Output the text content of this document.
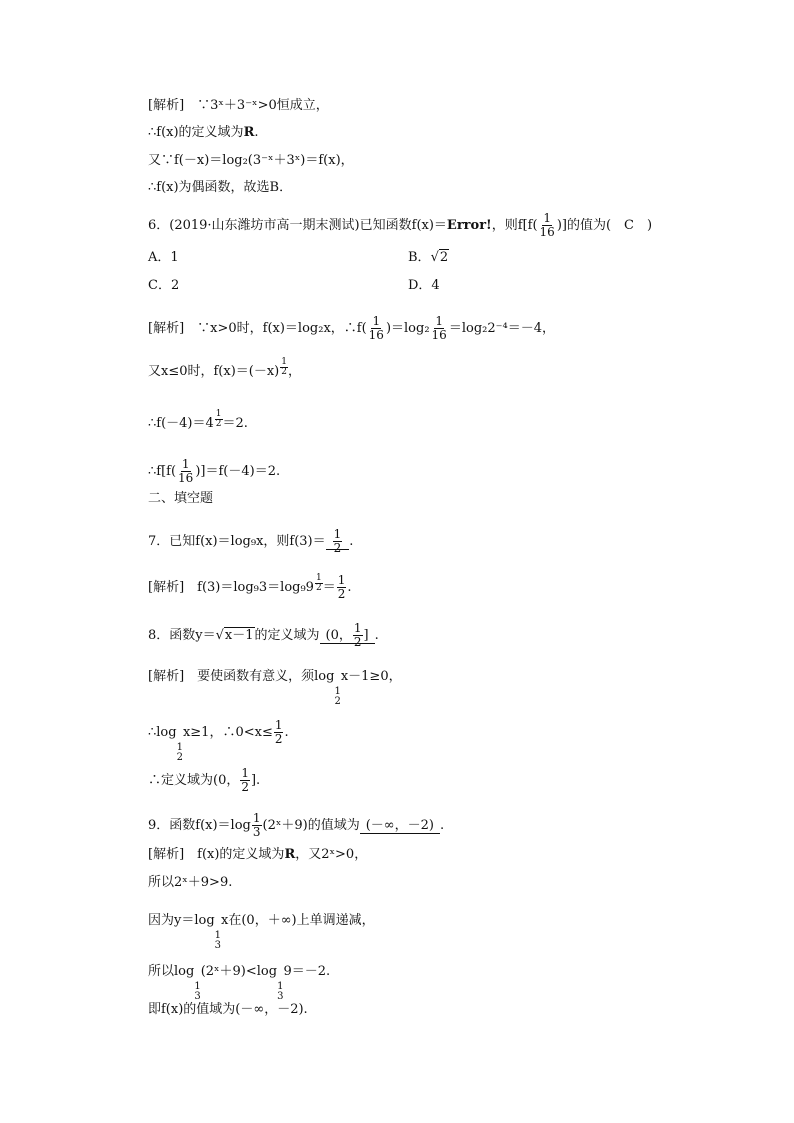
[解析]　∵3ˣ＋3⁻ˣ>0恒成立，
∴f(x)的定义域为R.
又∵f(－x)＝log₂(3⁻ˣ＋3ˣ)＝f(x)，
∴f(x)为偶函数，故选B．
6．(2019·山东潍坊市高一期末测试)已知函数f(x)＝Error!，则$f[f( \frac{1}{16}$ )]的值为(　C　)
A．1	B．√2
C．2	D．4
[解析]　∵x>0时，f(x)＝log₂x，∴f( $\frac{1}{16} )=\log_2 \frac{1}{16} =\log_22^{-4}=-4$，
又x≤0时，$f(x)=(-x) \frac{1}{2}$ ，
∴f(－4)＝4 $\frac{1}{2} =2$.
∴f[f( $\frac{1}{16} )]=f(-4)=2$.
二、填空题
7．已知f(x)＝log₉x，则$f(3)= \frac{1}{2}$ .
[解析]　$f(3)=\log_93=\log_99 \frac{1}{2} = \frac{1}{2}$ .
8．函数y＝√x－1的定义域为 (0， $\frac{1}{2}$ ] .
[解析]　要使函数有意义，须log
1
2
x－1≥0，
∴log
1
2
x≥1，∴0<x≤ $\frac{1}{2}$ .
∴定义域为(0， $\frac{1}{2}$ ].
9．函数$f(x)=\log \frac{1}{3}$ (2ˣ＋9)的值域为 (－∞，－2) .
[解析]　f(x)的定义域为R，又2ˣ>0，
所以2ˣ＋9>9.
因为y＝log
1
3
x在(0，＋∞)上单调递减，
所以log
1
3
(2ˣ＋9)<log
1
3
9＝－2.
即f(x)的值域为(－∞，－2).
